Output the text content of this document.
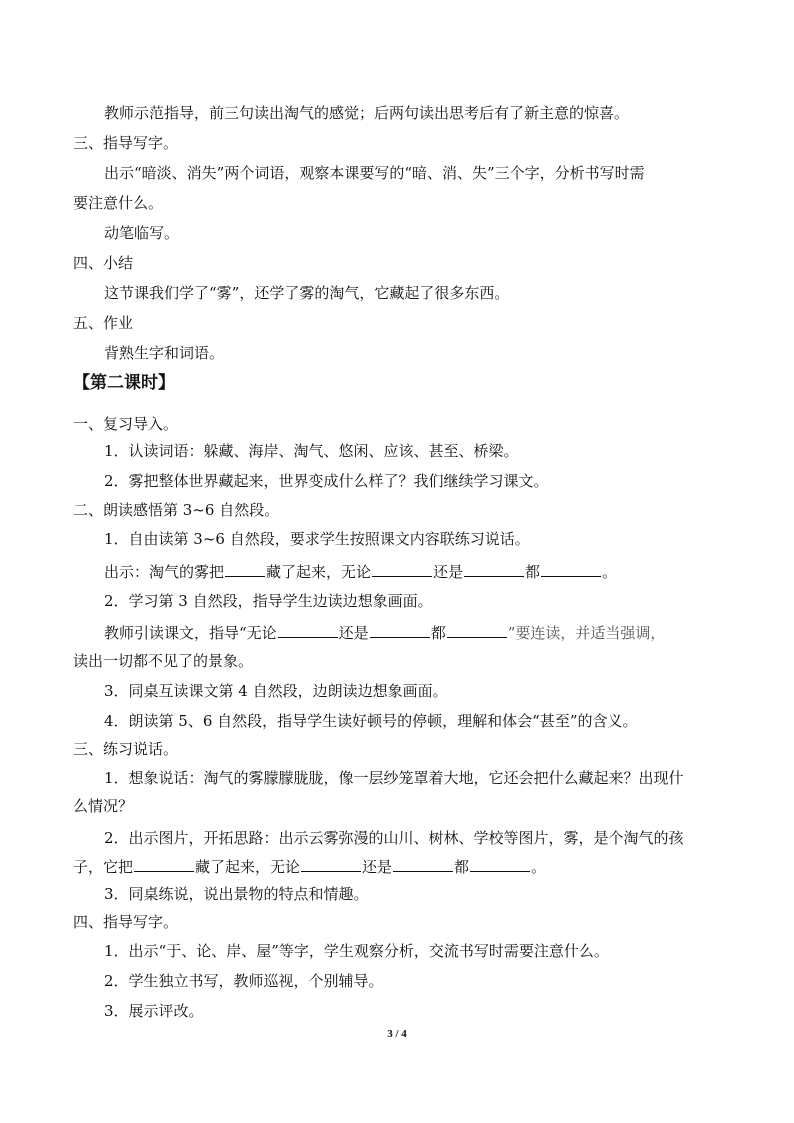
教师示范指导，前三句读出淘气的感觉；后两句读出思考后有了新主意的惊喜。
三、指导写字。
出示“暗淡、消失”两个词语，观察本课要写的“暗、消、失”三个字，分析书写时需
要注意什么。
动笔临写。
四、小结
这节课我们学了“雾”，还学了雾的淘气，它藏起了很多东西。
五、作业
背熟生字和词语。
【第二课时】
一、复习导入。
1．认读词语：躲藏、海岸、淘气、悠闲、应该、甚至、桥梁。
2．雾把整体世界藏起来，世界变成什么样了？我们继续学习课文。
二、朗读感悟第 3~6 自然段。
1．自由读第 3~6 自然段，要求学生按照课文内容联练习说话。
出示：淘气的雾把	藏了起来，无论	还是	都	。
2．学习第 3 自然段，指导学生边读边想象画面。
教师引读课文，指导“无论	还是	都	”要连读，并适当强调，
读出一切都不见了的景象。
3．同桌互读课文第 4 自然段，边朗读边想象画面。
4．朗读第 5、6 自然段，指导学生读好顿号的停顿，理解和体会“甚至”的含义。
三、练习说话。
1．想象说话：淘气的雾朦朦胧胧，像一层纱笼罩着大地，它还会把什么藏起来？出现什
么情况？
2．出示图片，开拓思路：出示云雾弥漫的山川、树林、学校等图片，雾，是个淘气的孩
子，它把	藏了起来，无论	还是	都	。
3．同桌练说，说出景物的特点和情趣。
四、指导写字。
1．出示“于、论、岸、屋”等字，学生观察分析，交流书写时需要注意什么。
2．学生独立书写，教师巡视，个别辅导。
3．展示评改。
3 / 4
